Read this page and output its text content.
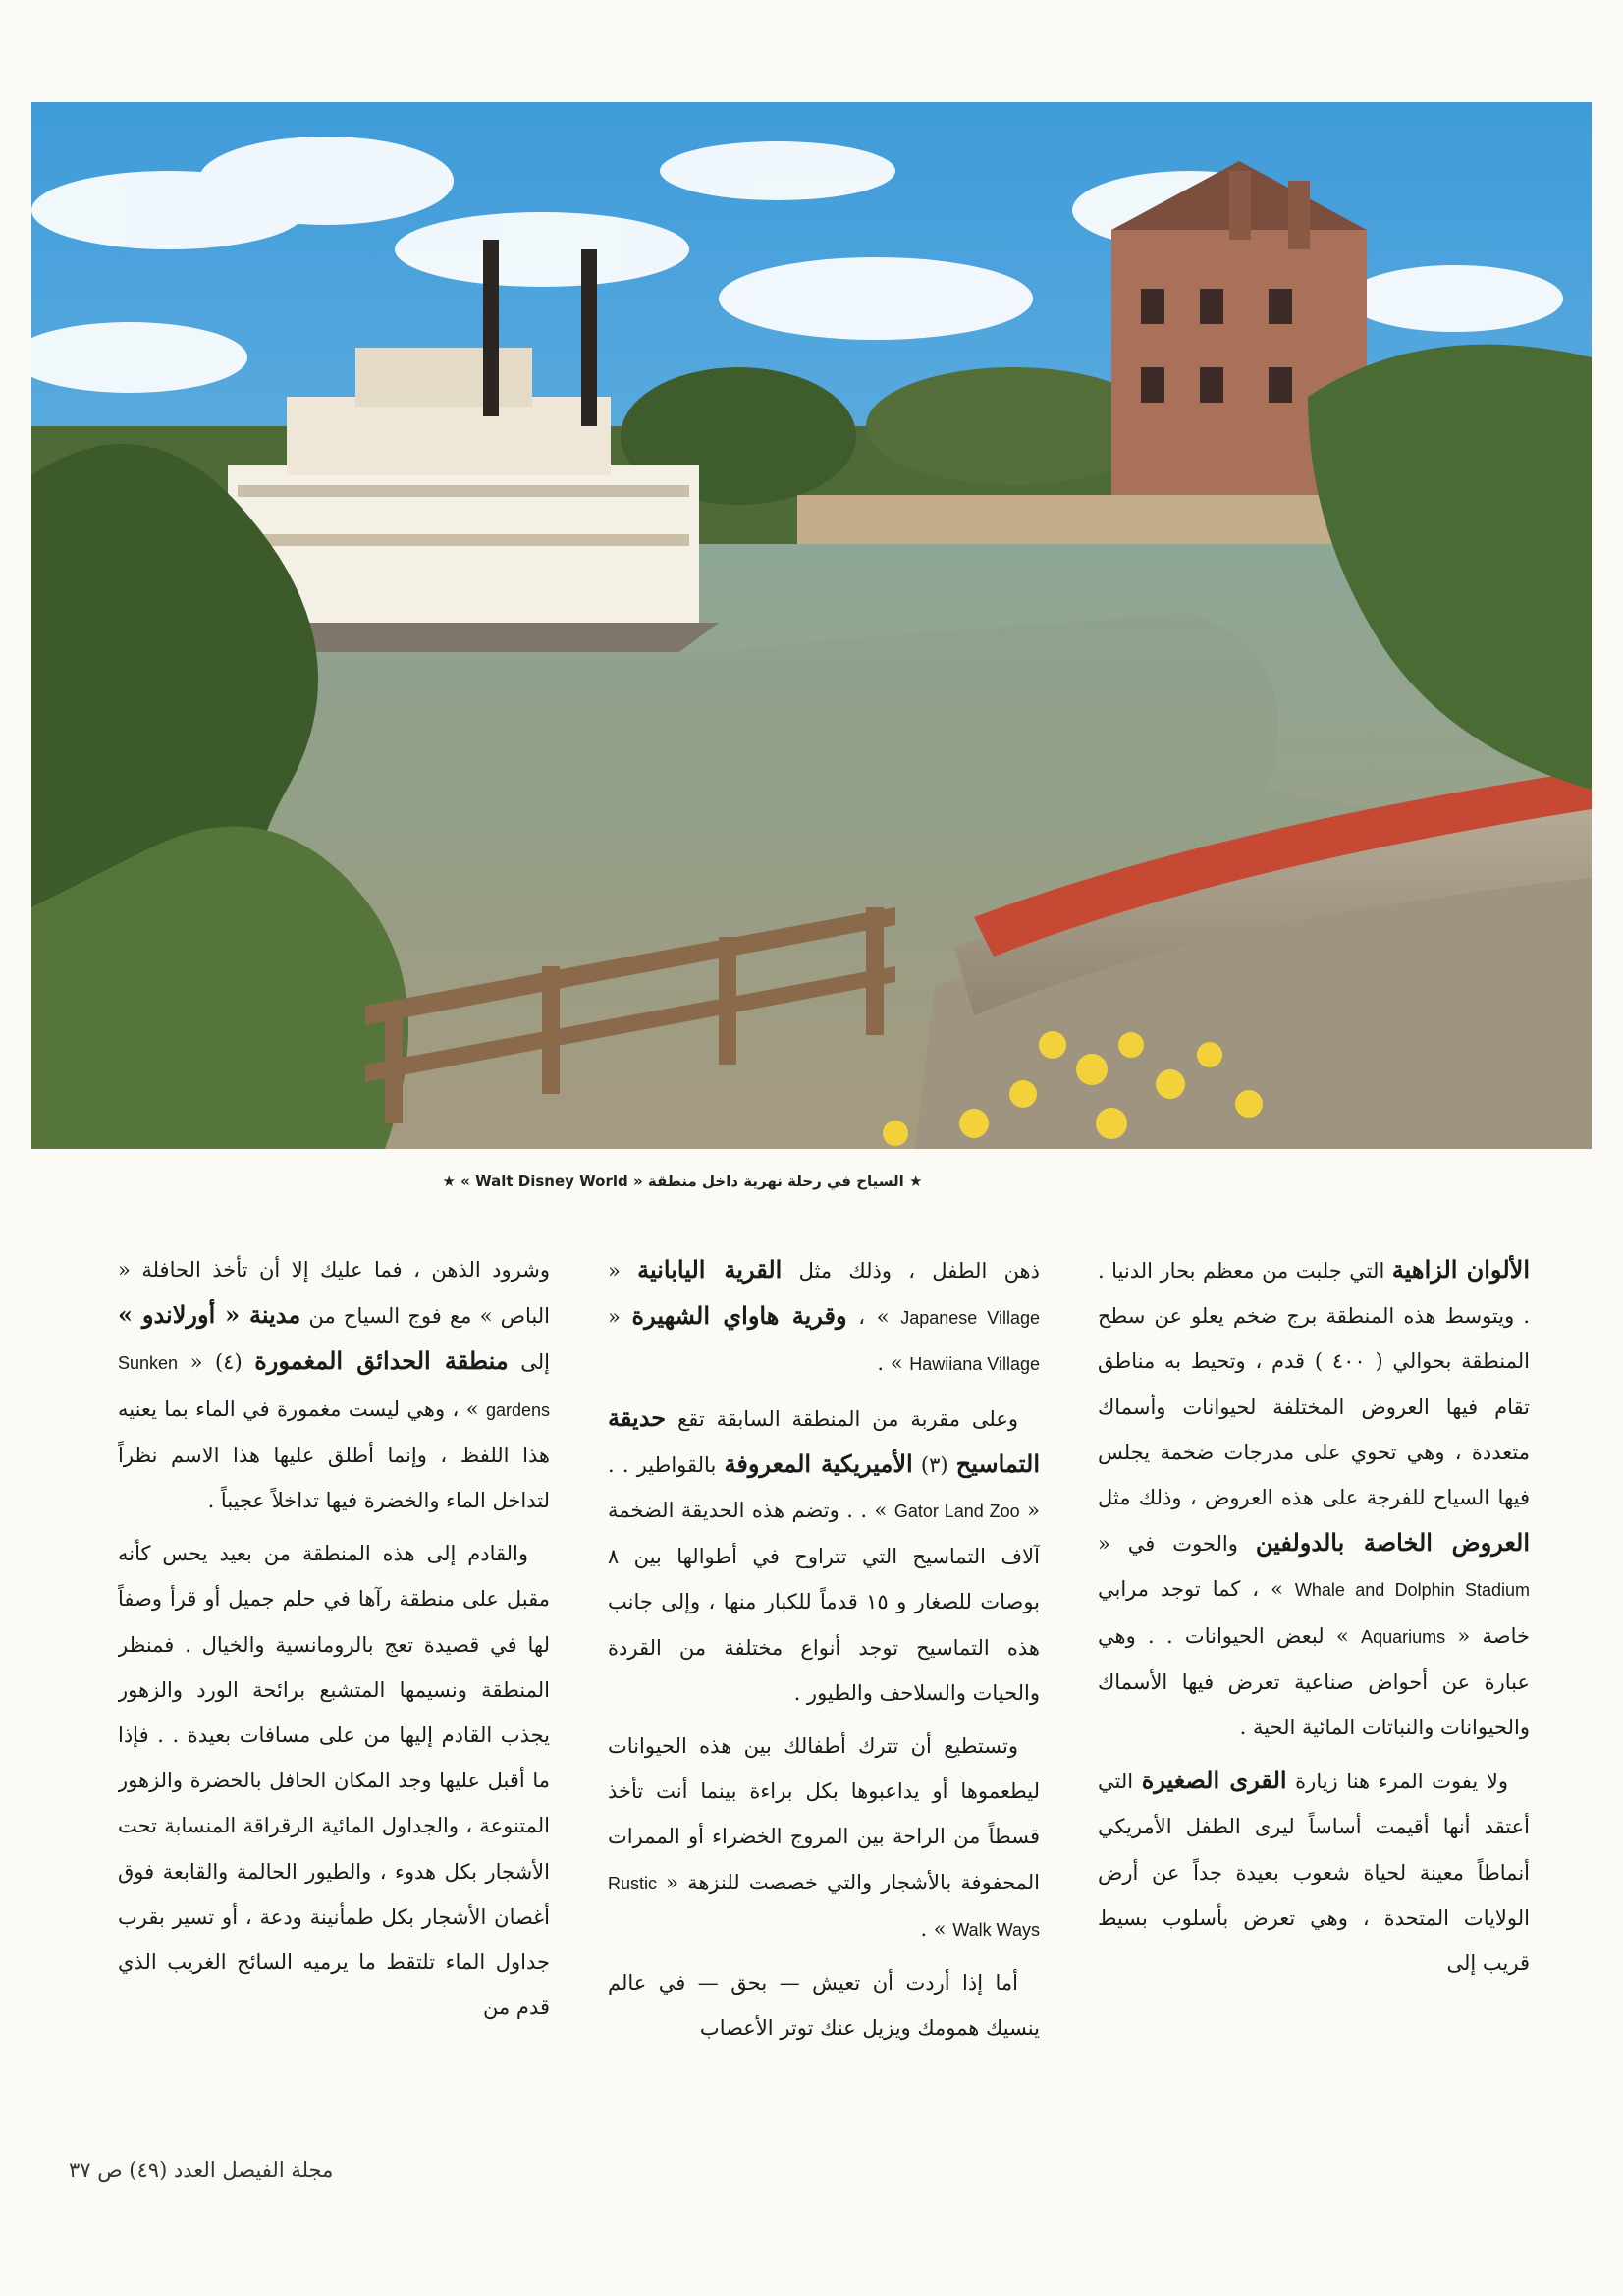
★ السياح في رحلة نهرية داخل منطقة « Walt Disney World » ★

الألوان الزاهية التي جلبت من معظم بحار الدنيا . . ويتوسط هذه المنطقة برج ضخم يعلو عن سطح المنطقة بحوالي ( ٤٠٠ ) قدم ، وتحيط به مناطق تقام فيها العروض المختلفة لحيوانات وأسماك متعددة ، وهي تحوي على مدرجات ضخمة يجلس فيها السياح للفرجة على هذه العروض ، وذلك مثل العروض الخاصة بالدولفين والحوت في « Whale and Dolphin Stadium » ، كما توجد مرابي خاصة « Aquariums » لبعض الحيوانات . . وهي عبارة عن أحواض صناعية تعرض فيها الأسماك والحيوانات والنباتات المائية الحية .

ولا يفوت المرء هنا زيارة القرى الصغيرة التي أعتقد أنها أقيمت أساساً ليرى الطفل الأمريكي أنماطاً معينة لحياة شعوب بعيدة جداً عن أرض الولايات المتحدة ، وهي تعرض بأسلوب بسيط قريب إلى

ذهن الطفل ، وذلك مثل القرية اليابانية « Japanese Village » ، وقرية هاواي الشهيرة « Hawiiana Village » .

وعلى مقربة من المنطقة السابقة تقع حديقة التماسيح (٣) الأميريكية المعروفة بالقواطير . . « Gator Land Zoo » . . وتضم هذه الحديقة الضخمة آلاف التماسيح التي تتراوح في أطوالها بين ٨ بوصات للصغار و ١٥ قدماً للكبار منها ، وإلى جانب هذه التماسيح توجد أنواع مختلفة من القردة والحيات والسلاحف والطيور .

وتستطيع أن تترك أطفالك بين هذه الحيوانات ليطعموها أو يداعبوها بكل براءة بينما أنت تأخذ قسطاً من الراحة بين المروج الخضراء أو الممرات المحفوفة بالأشجار والتي خصصت للنزهة « Rustic Walk Ways » .

أما إذا أردت أن تعيش — بحق — في عالم ينسيك همومك ويزيل عنك توتر الأعصاب

وشرود الذهن ، فما عليك إلا أن تأخذ الحافلة « الباص » مع فوج السياح من مدينة « أورلاندو » إلى منطقة الحدائق المغمورة (٤) « Sunken gardens » ، وهي ليست مغمورة في الماء بما يعنيه هذا اللفظ ، وإنما أطلق عليها هذا الاسم نظراً لتداخل الماء والخضرة فيها تداخلاً عجيباً .

والقادم إلى هذه المنطقة من بعيد يحس كأنه مقبل على منطقة رآها في حلم جميل أو قرأ وصفاً لها في قصيدة تعج بالرومانسية والخيال . فمنظر المنطقة ونسيمها المتشبع برائحة الورد والزهور يجذب القادم إليها من على مسافات بعيدة . . فإذا ما أقبل عليها وجد المكان الحافل بالخضرة والزهور المتنوعة ، والجداول المائية الرقراقة المنسابة تحت الأشجار بكل هدوء ، والطيور الحالمة والقابعة فوق أغصان الأشجار بكل طمأنينة ودعة ، أو تسير بقرب جداول الماء تلتقط ما يرميه السائح الغريب الذي قدم من

مجلة الفيصل العدد (٤٩) ص ٣٧
